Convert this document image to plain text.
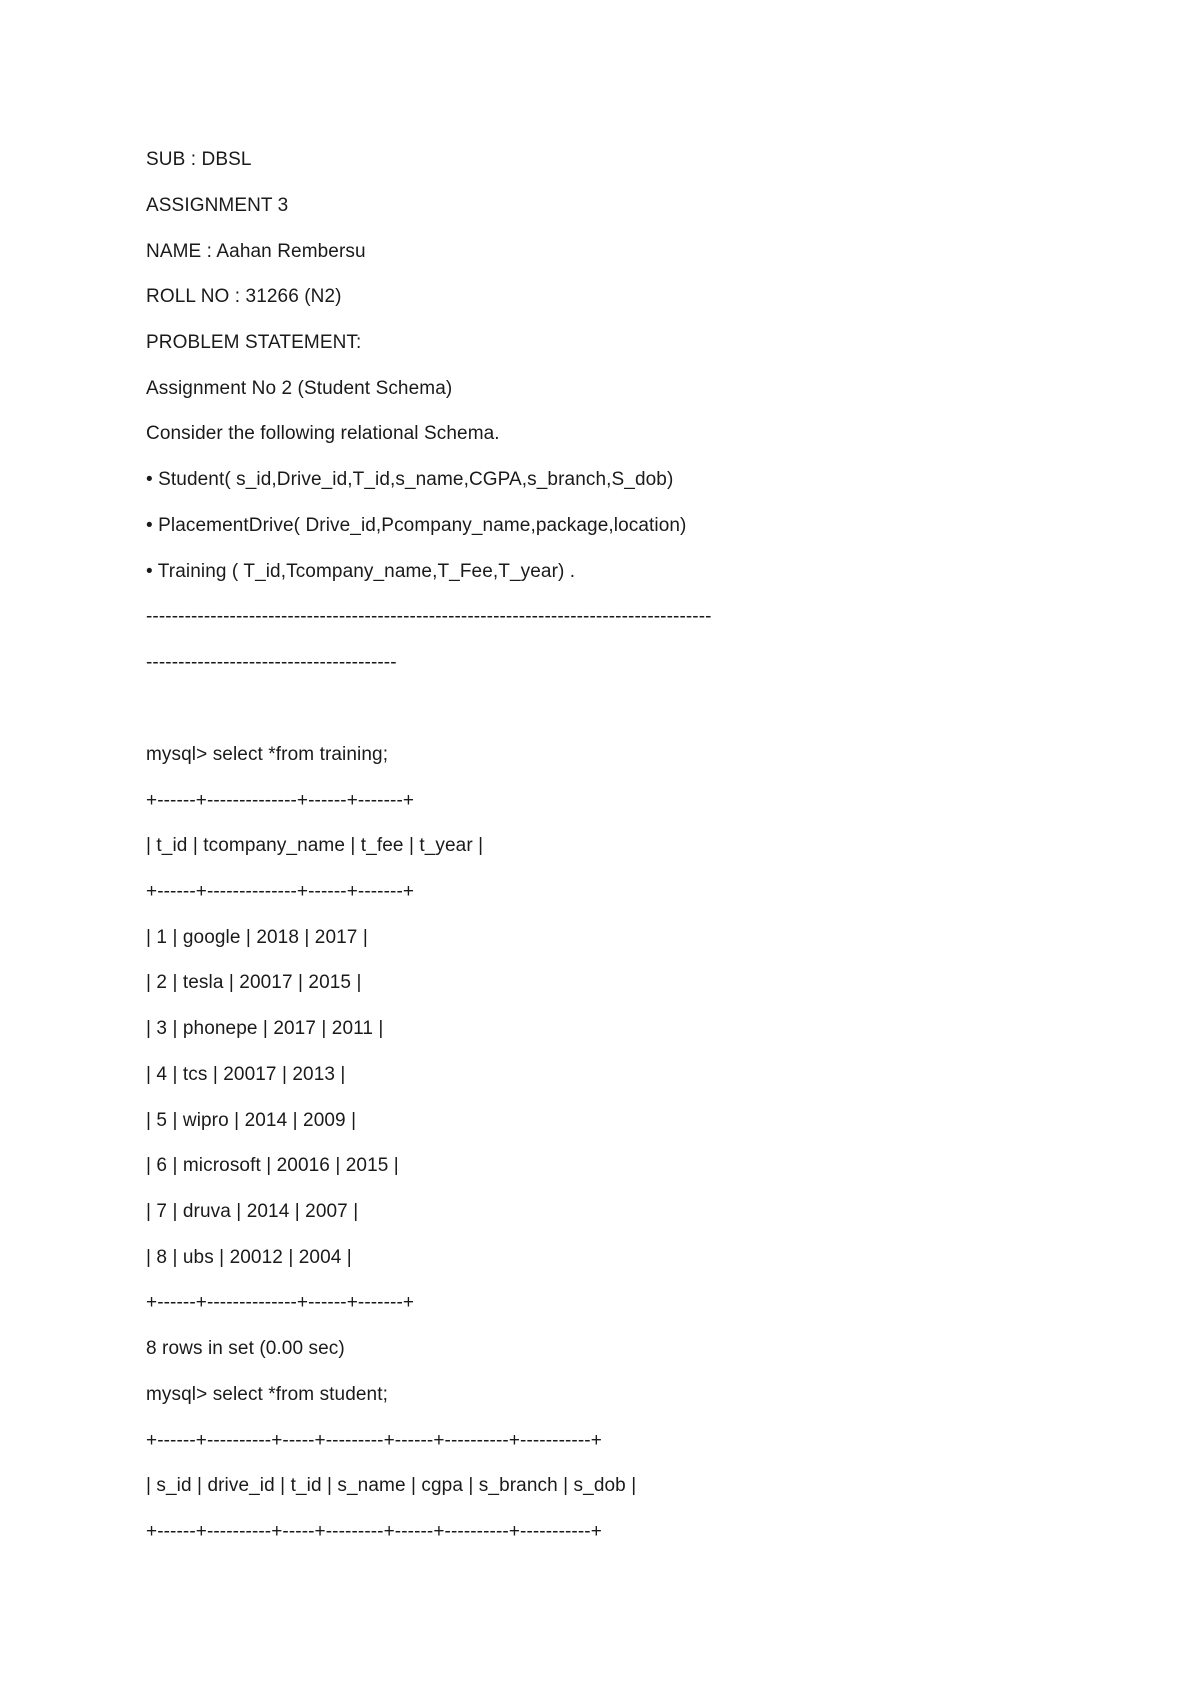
SUB : DBSL
ASSIGNMENT 3
NAME : Aahan Rembersu
ROLL NO : 31266 (N2)
PROBLEM STATEMENT:
Assignment No 2 (Student Schema)
Consider the following relational Schema.
• Student( s_id,Drive_id,T_id,s_name,CGPA,s_branch,S_dob)
• PlacementDrive( Drive_id,Pcompany_name,package,location)
• Training ( T_id,Tcompany_name,T_Fee,T_year) .
----------------------------------------------------------------------------------------
---------------------------------------
mysql> select *from training;
+------+--------------+------+-------+
| t_id | tcompany_name | t_fee | t_year |
+------+--------------+------+-------+
| 1 | google | 2018 | 2017 |
| 2 | tesla | 20017 | 2015 |
| 3 | phonepe | 2017 | 2011 |
| 4 | tcs | 20017 | 2013 |
| 5 | wipro | 2014 | 2009 |
| 6 | microsoft | 20016 | 2015 |
| 7 | druva | 2014 | 2007 |
| 8 | ubs | 20012 | 2004 |
+------+--------------+------+-------+
8 rows in set (0.00 sec)
mysql> select *from student;
+------+----------+-----+---------+------+----------+-----------+
| s_id | drive_id | t_id | s_name | cgpa | s_branch | s_dob |
+------+----------+-----+---------+------+----------+-----------+
